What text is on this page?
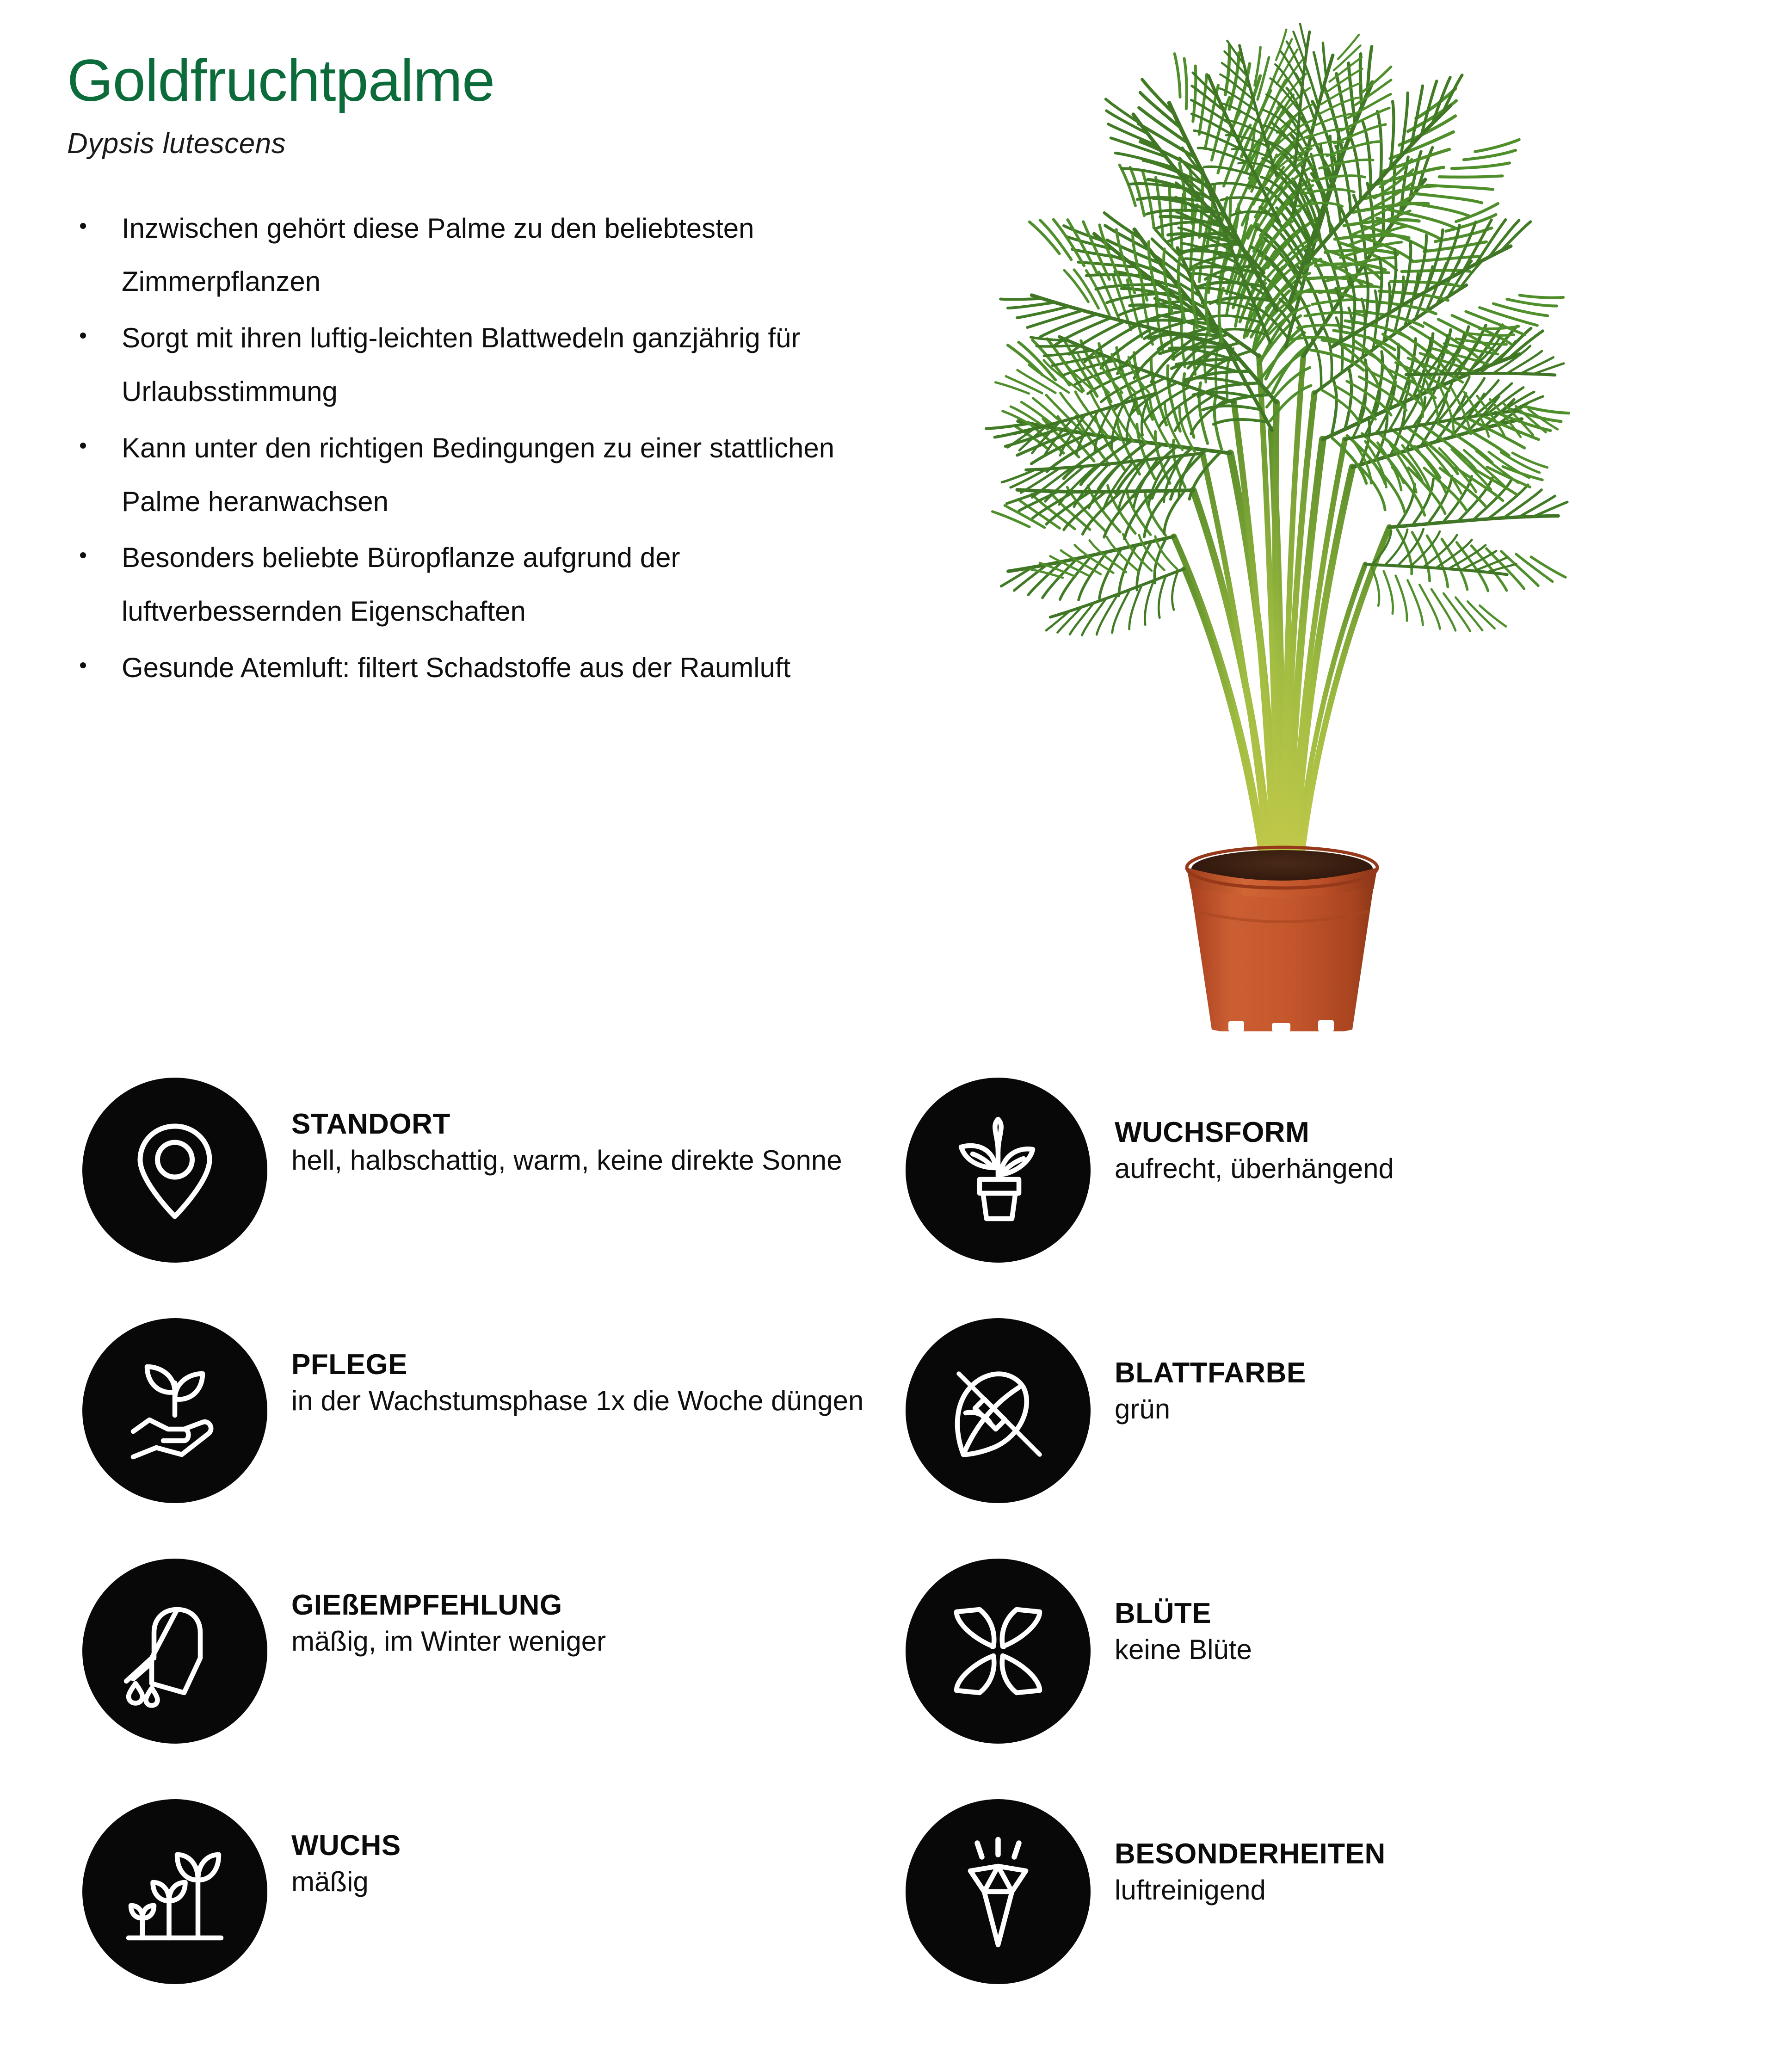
Goldfruchtpalme
Dypsis lutescens
Inzwischen gehört diese Palme zu den beliebtesten Zimmerpflanzen
Sorgt mit ihren luftig-leichten Blattwedeln ganzjährig für Urlaubsstimmung
Kann unter den richtigen Bedingungen zu einer stattlichen Palme heranwachsen
Besonders beliebte Büropflanze aufgrund der luftverbessernden Eigenschaften
Gesunde Atemluft: filtert Schadstoffe aus der Raumluft
STANDORT
hell, halbschattig, warm, keine direkte Sonne
WUCHSFORM
aufrecht, überhängend
PFLEGE
in der Wachstumsphase 1x die Woche düngen
BLATTFARBE
grün
GIEßEMPFEHLUNG
mäßig, im Winter weniger
BLÜTE
keine Blüte
WUCHS
mäßig
BESONDERHEITEN
luftreinigend
